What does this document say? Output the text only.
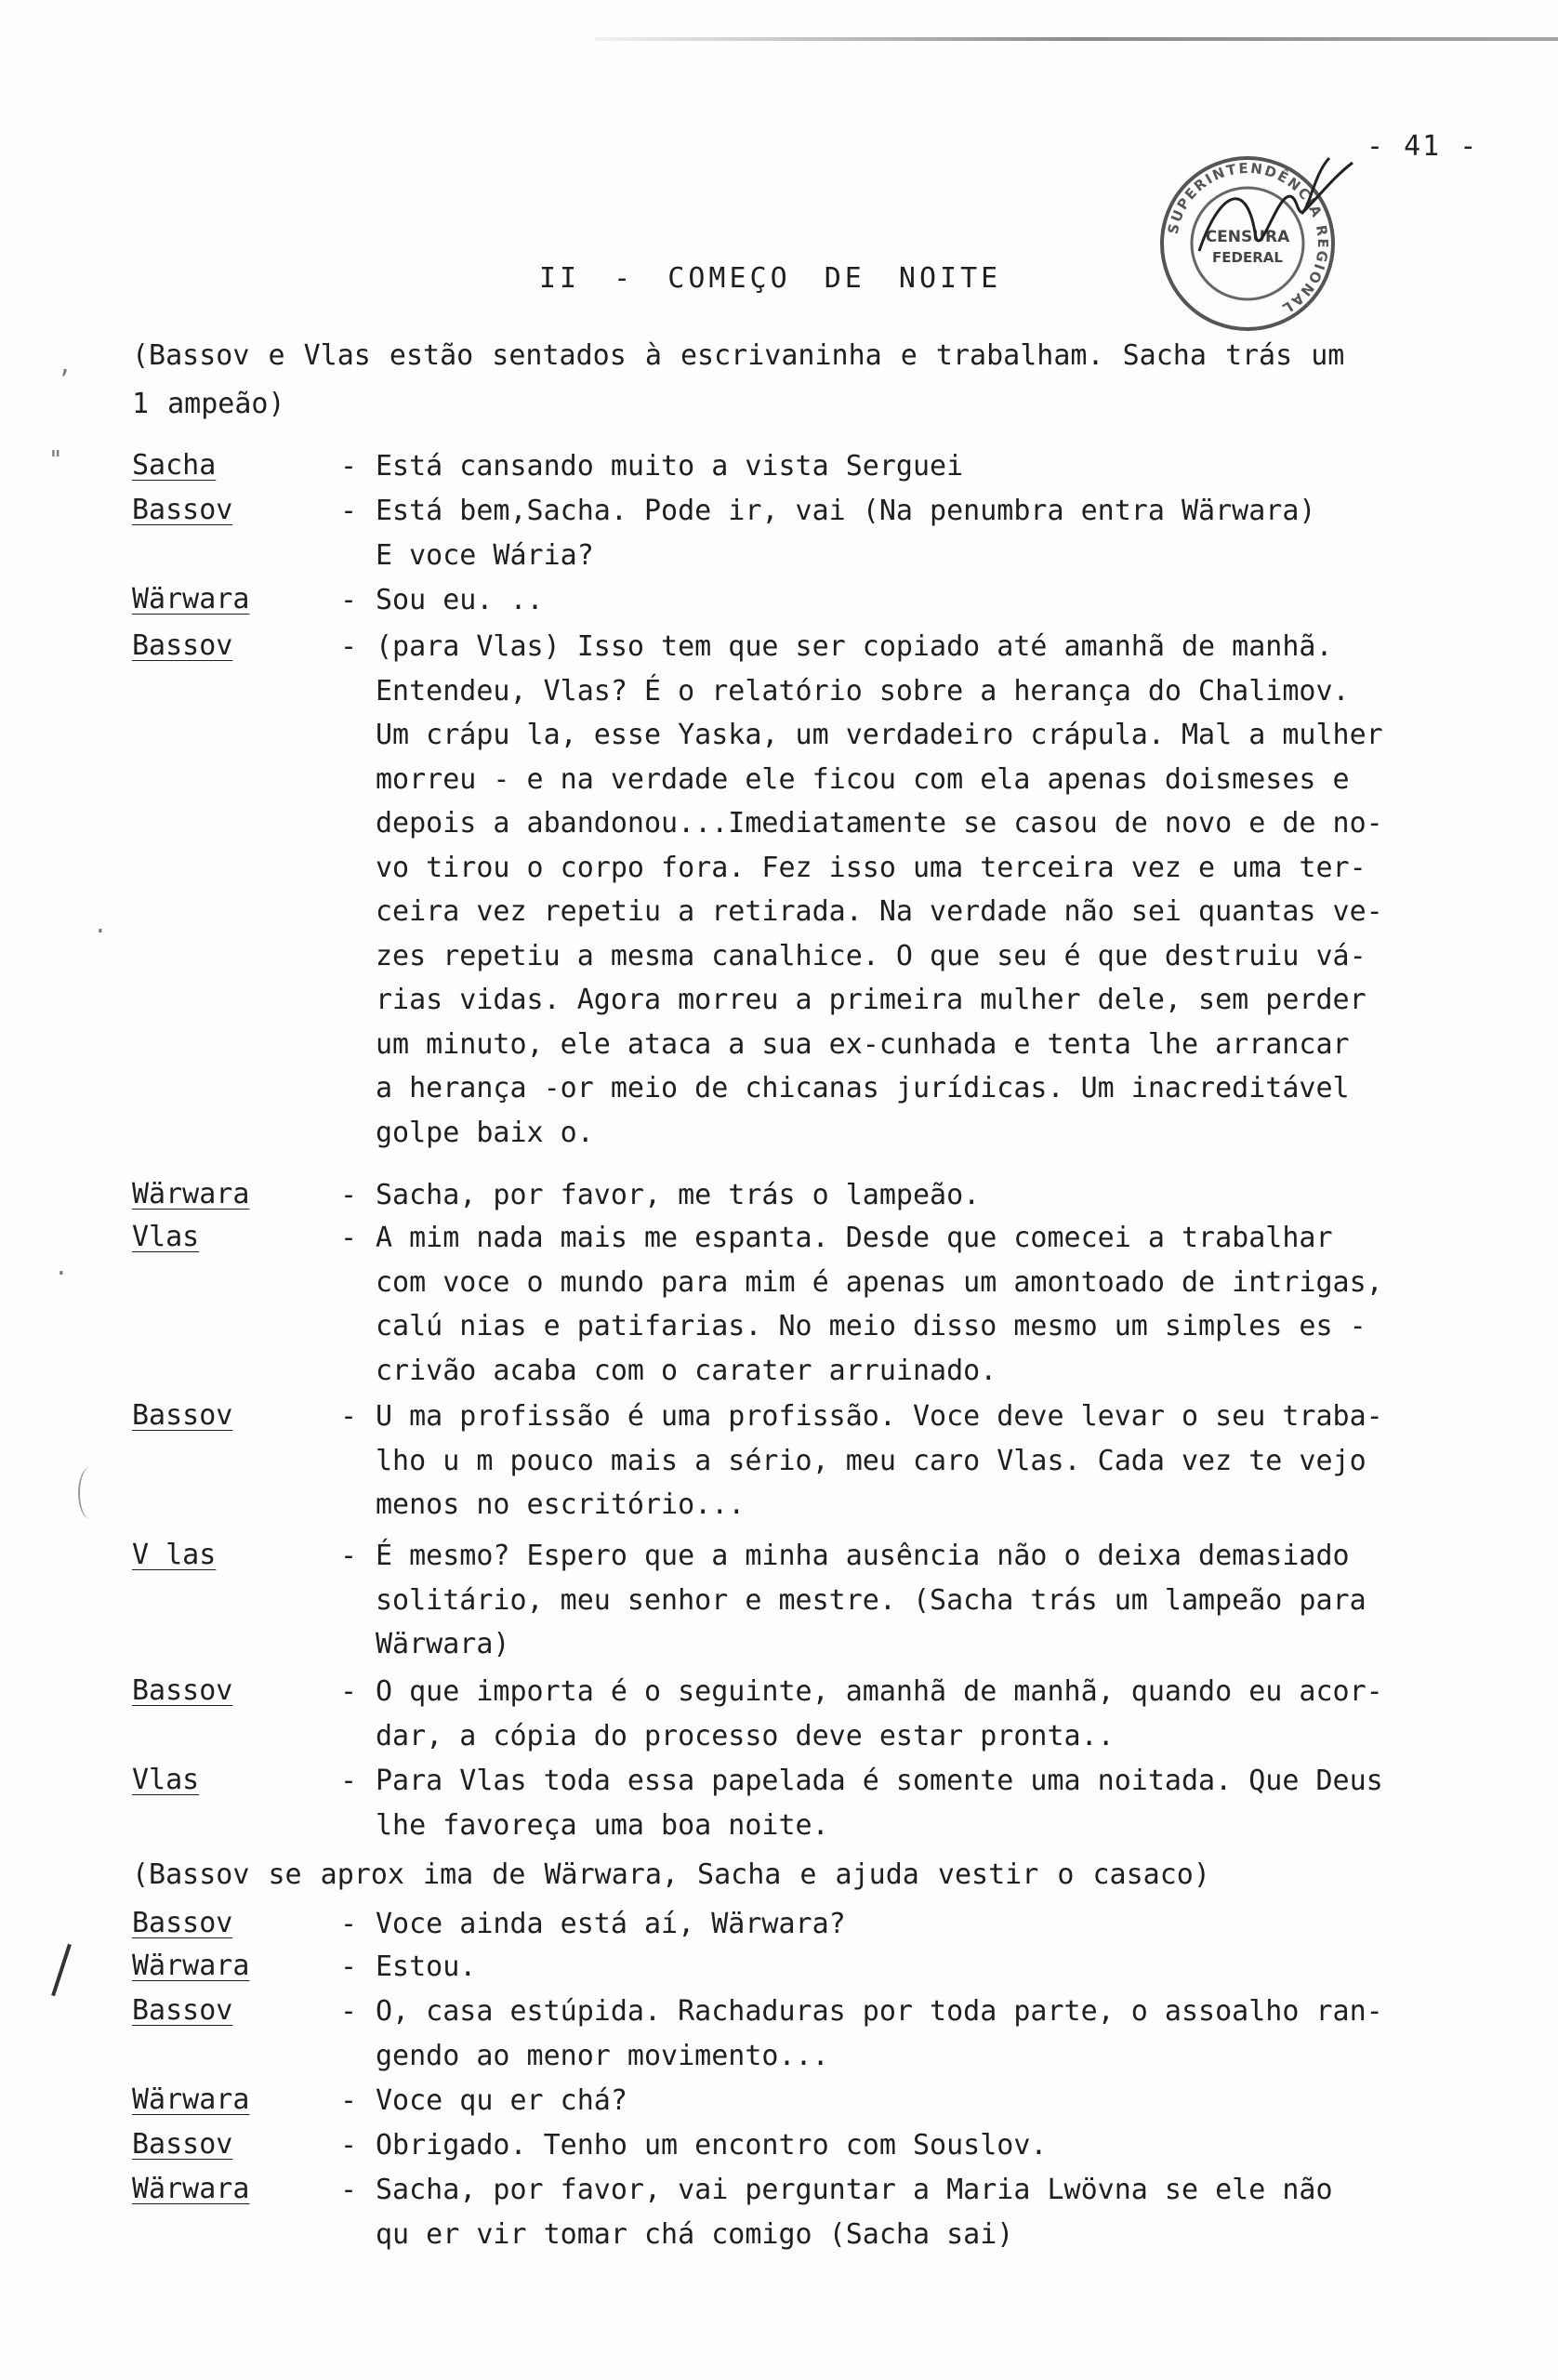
- 41 -
SUPERINTENDÊNCIA REGIONAL
CENSURA
FEDERAL
II - COMEÇO DE NOITE
(Bassov e Vlas estão sentados à escrivaninha e trabalham. Sacha trás um
1 ampeão)
,
" Sacha	- Está cansando muito a vista Serguei

Bassov	- Está bem,Sacha. Pode ir, vai (Na penumbra entra Wärwara)

E voce Wária?

Wärwara	- Sou eu. ..

Bassov	- (para Vlas) Isso tem que ser copiado até amanhã de manhã.

Entendeu, Vlas? É o relatório sobre a herança do Chalimov.

Um crápu la, esse Yaska, um verdadeiro crápula. Mal a mulher

morreu - e na verdade ele ficou com ela apenas doismeses e

depois a abandonou...Imediatamente se casou de novo e de no-

vo tirou o corpo fora. Fez isso uma terceira vez e uma ter-

ceira vez repetiu a retirada. Na verdade não sei quantas ve-

zes repetiu a mesma canalhice. O que seu é que destruiu vá-

rias vidas. Agora morreu a primeira mulher dele, sem perder

um minuto, ele ataca a sua ex-cunhada e tenta lhe arrancar

a herança -or meio de chicanas jurídicas. Um inacreditável

golpe baix o.

.
Wärwara	- Sacha, por favor, me trás o lampeão.

Vlas	- A mim nada mais me espanta. Desde que comecei a trabalhar

com voce o mundo para mim é apenas um amontoado de intrigas,

calú nias e patifarias. No meio disso mesmo um simples es -

crivão acaba com o carater arruinado.

.
Bassov	- U ma profissão é uma profissão. Voce deve levar o seu traba-

lho u m pouco mais a sério, meu caro Vlas. Cada vez te vejo

menos no escritório...

V las	- É mesmo? Espero que a minha ausência não o deixa demasiado

solitário, meu senhor e mestre. (Sacha trás um lampeão para

Wärwara)

Bassov	- O que importa é o seguinte, amanhã de manhã, quando eu acor-

dar, a cópia do processo deve estar pronta..

Vlas	- Para Vlas toda essa papelada é somente uma noitada. Que Deus

lhe favoreça uma boa noite.

(Bassov se aprox ima de Wärwara, Sacha e ajuda vestir o casaco)
Bassov	- Voce ainda está aí, Wärwara?

Wärwara	- Estou.

Bassov	- O, casa estúpida. Rachaduras por toda parte, o assoalho ran-

gendo ao menor movimento...

Wärwara	- Voce qu er chá?

Bassov	- Obrigado. Tenho um encontro com Souslov.

Wärwara	- Sacha, por favor, vai perguntar a Maria Lwövna se ele não

qu er vir tomar chá comigo (Sacha sai)
